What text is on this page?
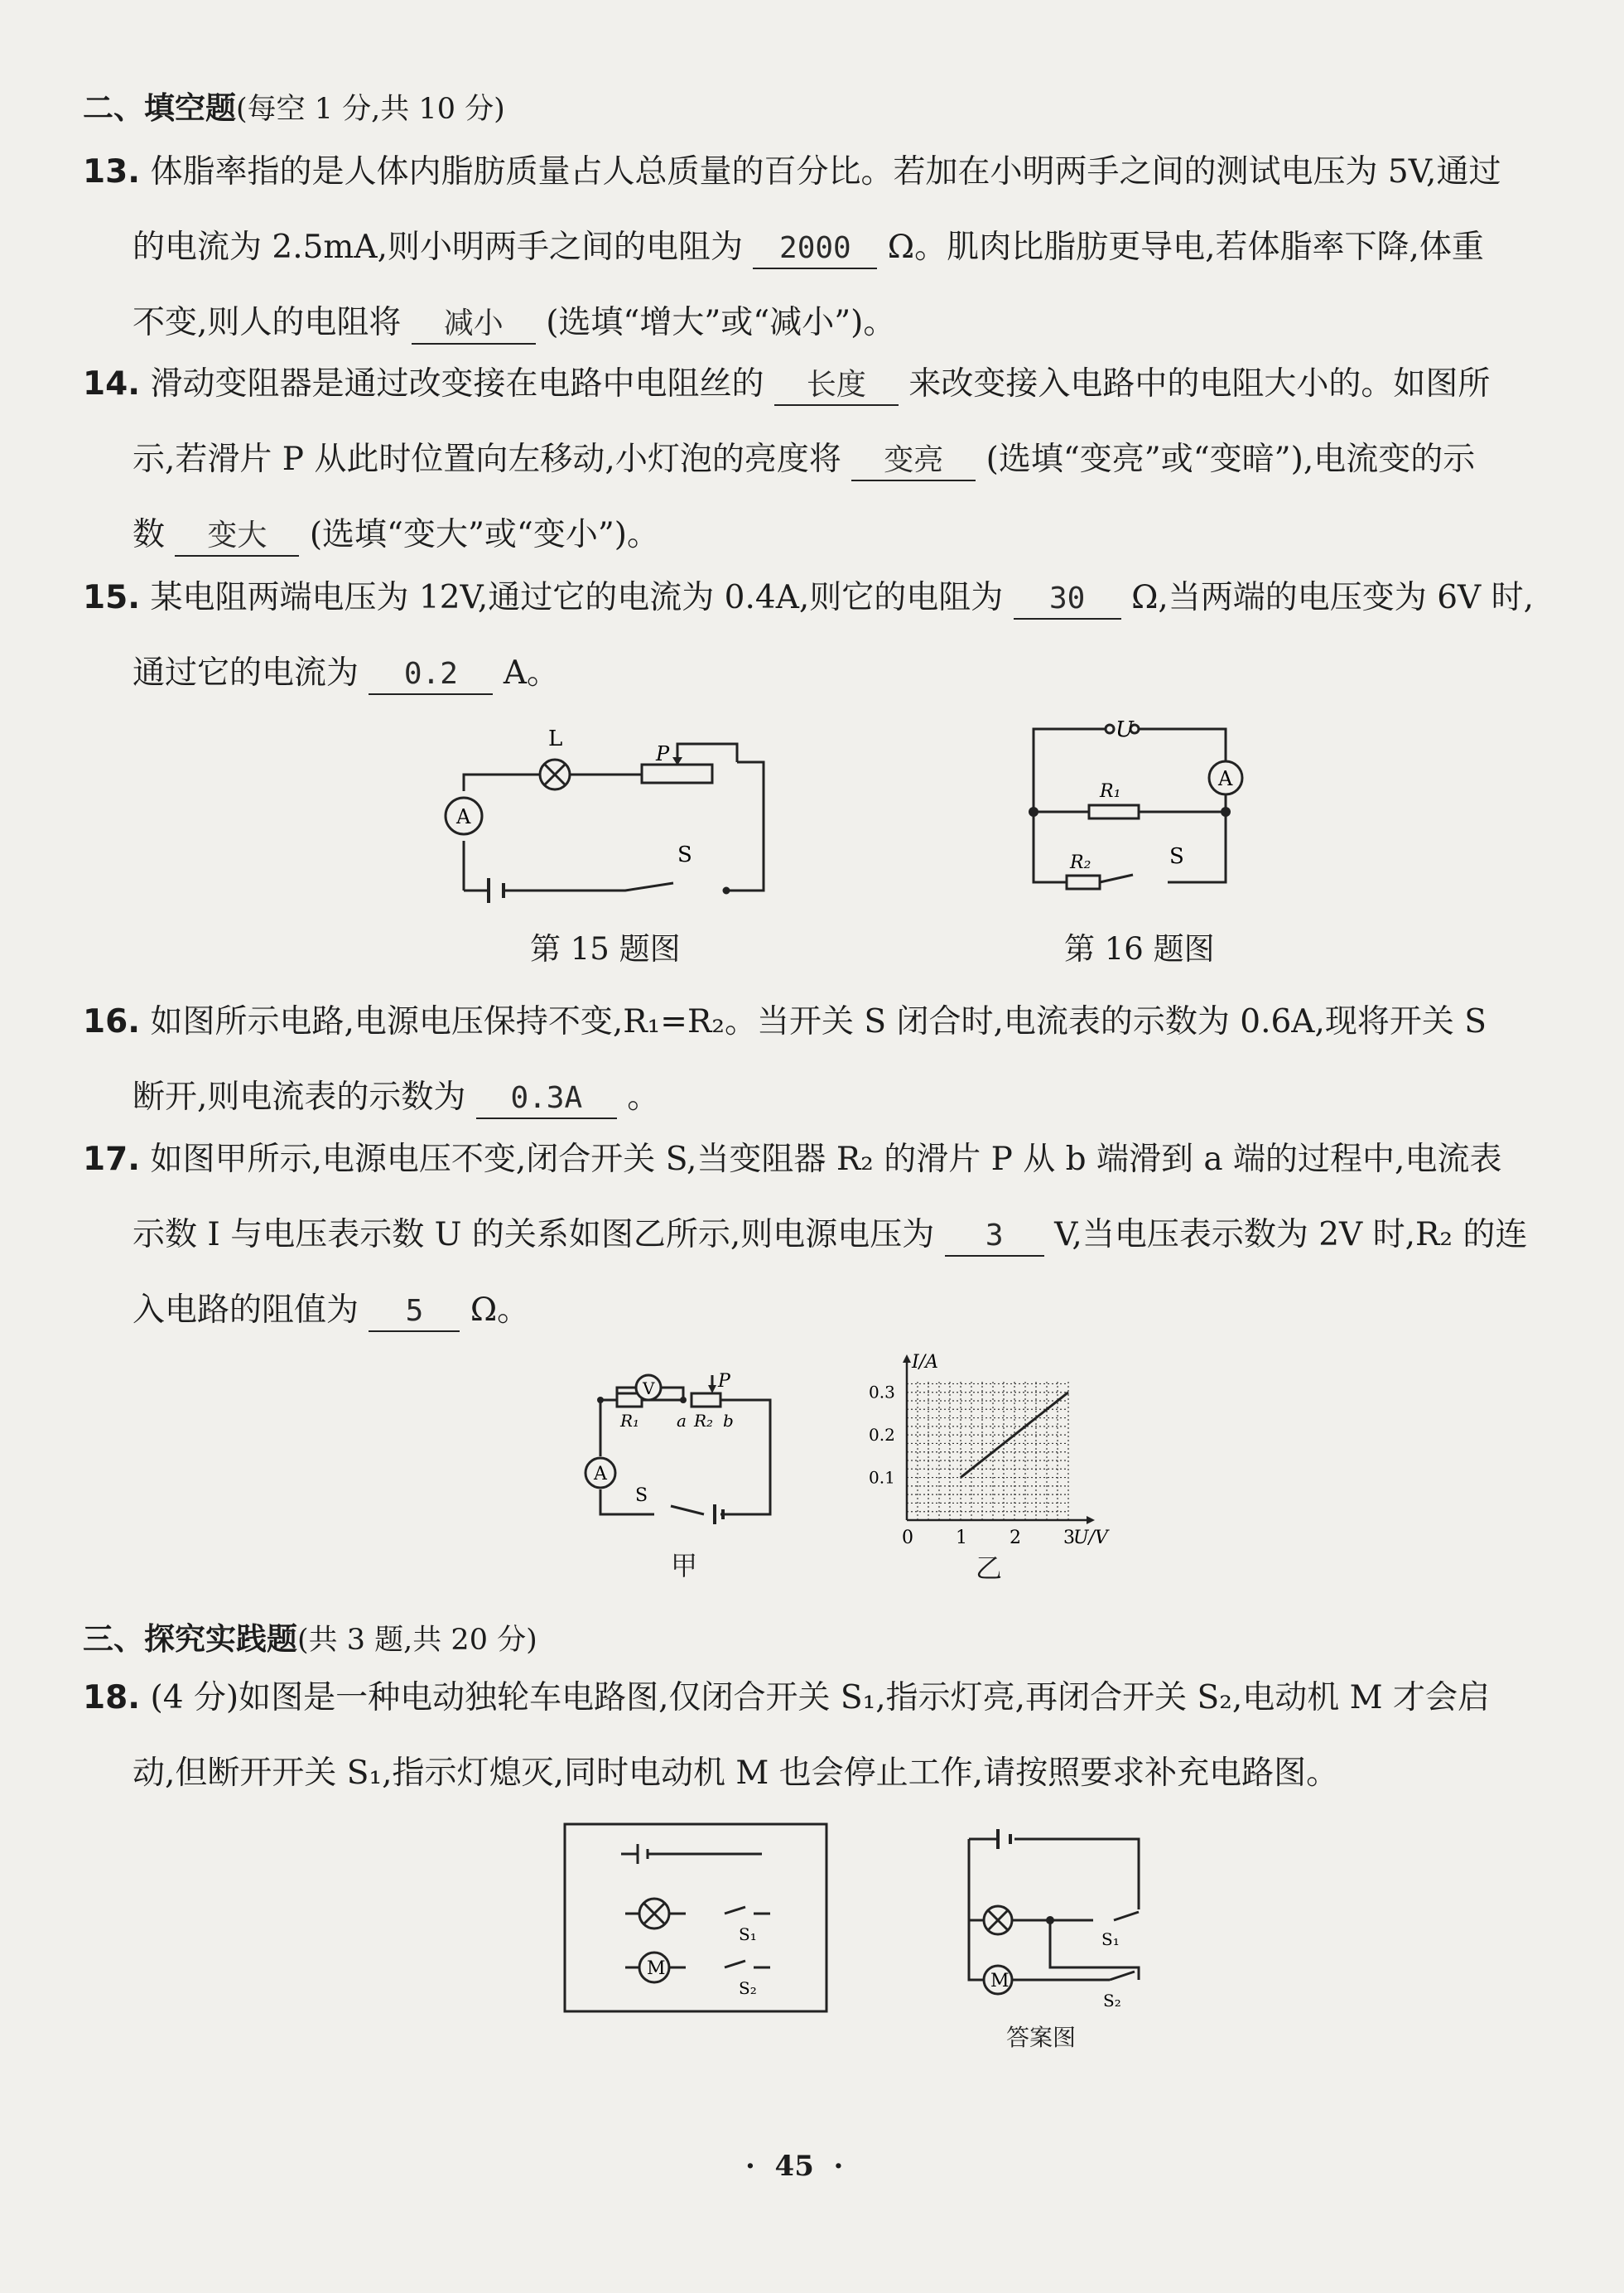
二、填空题(每空 1 分,共 10 分)
13. 体脂率指的是人体内脂肪质量占人总质量的百分比。若加在小明两手之间的测试电压为 5V,通过
的电流为 2.5mA,则小明两手之间的电阻为 2000 Ω。肌肉比脂肪更导电,若体脂率下降,体重
不变,则人的电阻将 减小 (选填“增大”或“减小”)。
14. 滑动变阻器是通过改变接在电路中电阻丝的 长度 来改变接入电路中的电阻大小的。如图所
示,若滑片 P 从此时位置向左移动,小灯泡的亮度将 变亮 (选填“变亮”或“变暗”),电流变的示
数 变大 (选填“变大”或“变小”)。
15. 某电阻两端电压为 12V,通过它的电流为 0.4A,则它的电阻为 30 Ω,当两端的电压变为 6V 时,
通过它的电流为 0.2 A。
L
P
A
S
第 15 题图
U
A
R₁
R₂	S
第 16 题图
16. 如图所示电路,电源电压保持不变,R₁=R₂。当开关 S 闭合时,电流表的示数为 0.6A,现将开关 S
断开,则电流表的示数为 0.3A 。
17. 如图甲所示,电源电压不变,闭合开关 S,当变阻器 R₂ 的滑片 P 从 b 端滑到 a 端的过程中,电流表
示数 I 与电压表示数 U 的关系如图乙所示,则电源电压为 3 V,当电压表示数为 2V 时,R₂ 的连
入电路的阻值为 5 Ω。
V
A
R₁ a R₂ b
P
S
甲
0 1 2 3
0.1
0.2
0.3
U/V
I/A
乙
三、探究实践题(共 3 题,共 20 分)
18. (4 分)如图是一种电动独轮车电路图,仅闭合开关 S₁,指示灯亮,再闭合开关 S₂,电动机 M 才会启
动,但断开开关 S₁,指示灯熄灭,同时电动机 M 也会停止工作,请按照要求补充电路图。
M
S₁
S₂	M
S₁
S₂
答案图
· 45 ·
